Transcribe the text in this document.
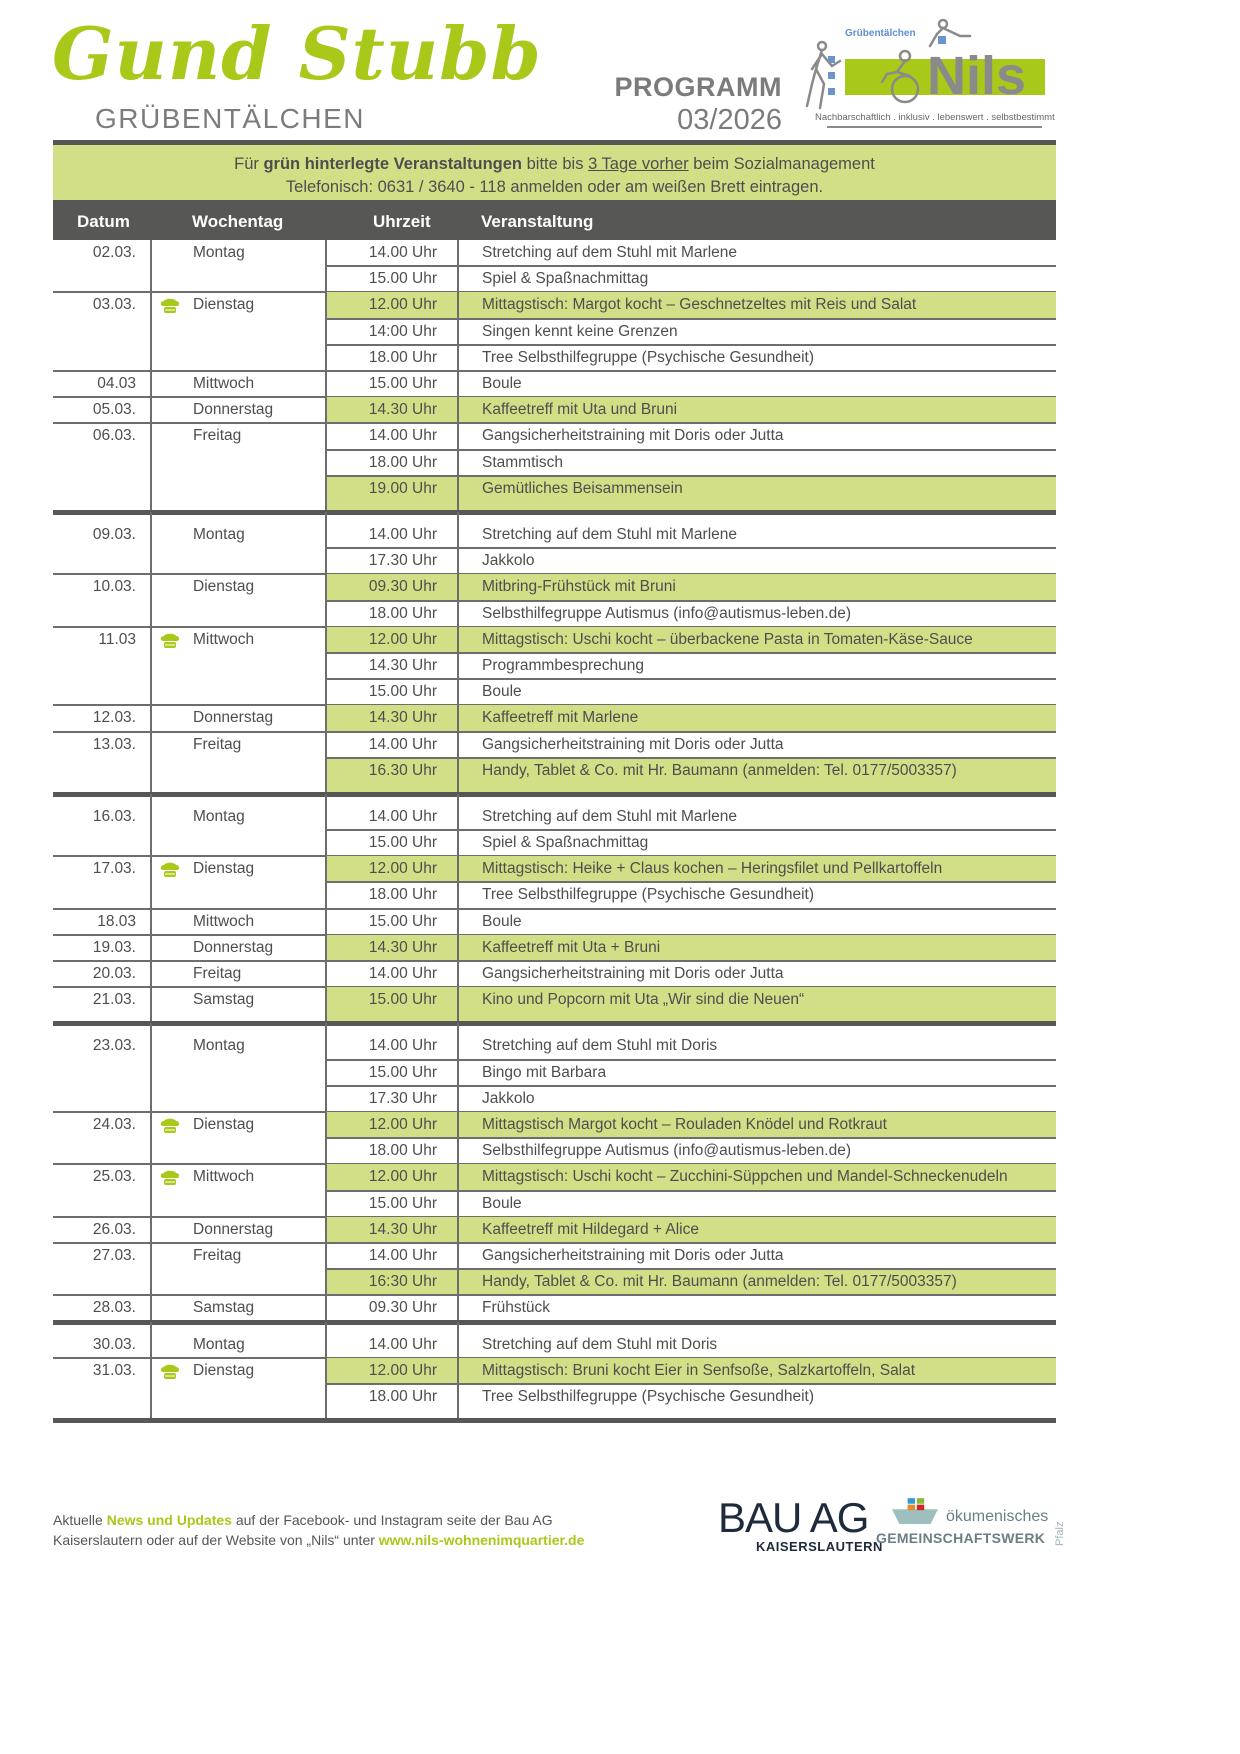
Gund Stubb
GRÜBENTÄLCHEN
PROGRAMM
03/2026
Nils
Grübentälchen
Nachbarschaftlich . inklusiv . lebenswert . selbstbestimmt
Für grün hinterlegte Veranstaltungen bitte bis 3 Tage vorher beim Sozialmanagement
Telefonisch: 0631 / 3640 - 118 anmelden oder am weißen Brett eintragen.
Datum	Wochentag	Uhrzeit	Veranstaltung
02.03.	Montag	14.00 Uhr	Stretching auf dem Stuhl mit Marlene
15.00 Uhr	Spiel & Spaßnachmittag
03.03.	Dienstag	12.00 Uhr	Mittagstisch: Margot kocht – Geschnetzeltes mit Reis und Salat
14:00 Uhr	Singen kennt keine Grenzen
18.00 Uhr	Tree Selbsthilfegruppe (Psychische Gesundheit)
04.03	Mittwoch	15.00 Uhr	Boule
05.03.	Donnerstag	14.30 Uhr	Kaffeetreff mit Uta und Bruni
06.03.	Freitag	14.00 Uhr	Gangsicherheitstraining mit Doris oder Jutta
18.00 Uhr	Stammtisch
19.00 Uhr	Gemütliches Beisammensein
09.03.	Montag	14.00 Uhr	Stretching auf dem Stuhl mit Marlene
17.30 Uhr	Jakkolo
10.03.	Dienstag	09.30 Uhr	Mitbring-Frühstück mit Bruni
18.00 Uhr	Selbsthilfegruppe Autismus (info@autismus-leben.de)
11.03	Mittwoch	12.00 Uhr	Mittagstisch: Uschi kocht – überbackene Pasta in Tomaten-Käse-Sauce
14.30 Uhr	Programmbesprechung
15.00 Uhr	Boule
12.03.	Donnerstag	14.30 Uhr	Kaffeetreff mit Marlene
13.03.	Freitag	14.00 Uhr	Gangsicherheitstraining mit Doris oder Jutta
16.30 Uhr	Handy, Tablet & Co. mit Hr. Baumann (anmelden: Tel. 0177/5003357)
16.03.	Montag	14.00 Uhr	Stretching auf dem Stuhl mit Marlene
15.00 Uhr	Spiel & Spaßnachmittag
17.03.	Dienstag	12.00 Uhr	Mittagstisch: Heike + Claus kochen – Heringsfilet und Pellkartoffeln
18.00 Uhr	Tree Selbsthilfegruppe (Psychische Gesundheit)
18.03	Mittwoch	15.00 Uhr	Boule
19.03.	Donnerstag	14.30 Uhr	Kaffeetreff mit Uta + Bruni
20.03.	Freitag	14.00 Uhr	Gangsicherheitstraining mit Doris oder Jutta
21.03.	Samstag	15.00 Uhr	Kino und Popcorn mit Uta „Wir sind die Neuen“
23.03.	Montag	14.00 Uhr	Stretching auf dem Stuhl mit Doris
15.00 Uhr	Bingo mit Barbara
17.30 Uhr	Jakkolo
24.03.	Dienstag	12.00 Uhr	Mittagstisch Margot kocht – Rouladen Knödel und Rotkraut
18.00 Uhr	Selbsthilfegruppe Autismus (info@autismus-leben.de)
25.03.	Mittwoch	12.00 Uhr	Mittagstisch: Uschi kocht – Zucchini-Süppchen und Mandel-Schneckenudeln
15.00 Uhr	Boule
26.03.	Donnerstag	14.30 Uhr	Kaffeetreff mit Hildegard + Alice
27.03.	Freitag	14.00 Uhr	Gangsicherheitstraining mit Doris oder Jutta
16:30 Uhr	Handy, Tablet & Co. mit Hr. Baumann (anmelden: Tel. 0177/5003357)
28.03.	Samstag	09.30 Uhr	Frühstück
30.03.	Montag	14.00 Uhr	Stretching auf dem Stuhl mit Doris
31.03.	Dienstag	12.00 Uhr	Mittagstisch: Bruni kocht Eier in Senfsoße, Salzkartoffeln, Salat
18.00 Uhr	Tree Selbsthilfegruppe (Psychische Gesundheit)
Aktuelle News und Updates auf der Facebook- und Instagram seite der Bau AG
Kaiserslautern oder auf der Website von „Nils“ unter www.nils-wohnenimquartier.de	BAU AG
KAISERSLAUTERN
ökumenisches
GEMEINSCHAFTSWERK Pfalz
